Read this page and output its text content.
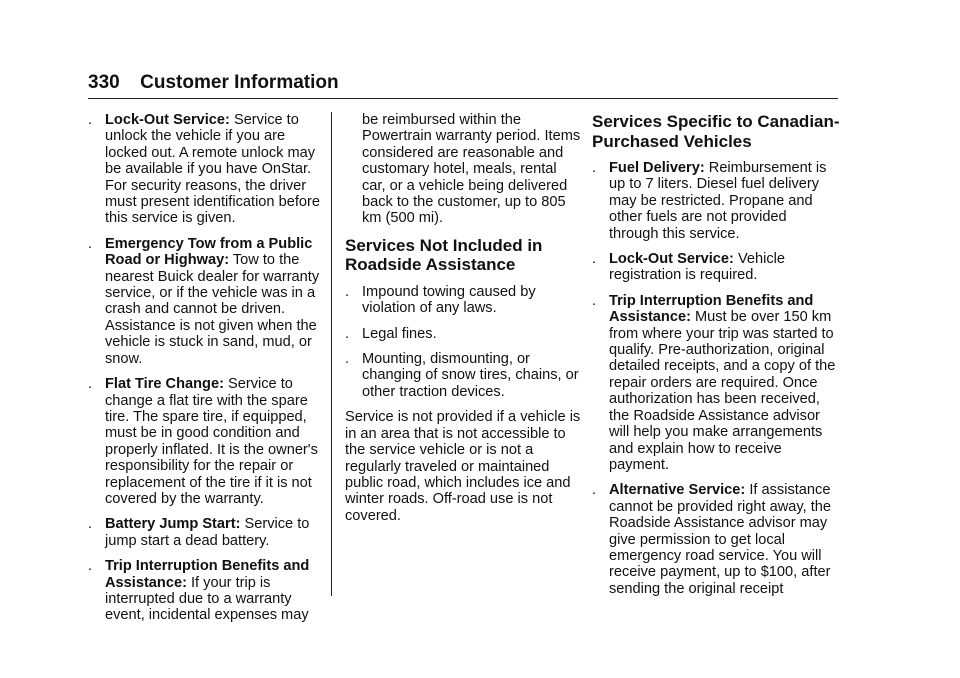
330 Customer Information
. Lock-Out Service: Service to unlock the vehicle if you are locked out. A remote unlock may be available if you have OnStar. For security reasons, the driver must present identification before this service is given.
. Emergency Tow from a Public Road or Highway: Tow to the nearest Buick dealer for warranty service, or if the vehicle was in a crash and cannot be driven. Assistance is not given when the vehicle is stuck in sand, mud, or snow.
. Flat Tire Change: Service to change a flat tire with the spare tire. The spare tire, if equipped, must be in good condition and properly inflated. It is the owner's responsibility for the repair or replacement of the tire if it is not covered by the warranty.
. Battery Jump Start: Service to jump start a dead battery.
. Trip Interruption Benefits and Assistance: If your trip is interrupted due to a warranty event, incidental expenses may
be reimbursed within the Powertrain warranty period. Items considered are reasonable and customary hotel, meals, rental car, or a vehicle being delivered back to the customer, up to 805 km (500 mi).
Services Not Included in Roadside Assistance
. Impound towing caused by violation of any laws.
. Legal fines.
. Mounting, dismounting, or changing of snow tires, chains, or other traction devices.
Service is not provided if a vehicle is in an area that is not accessible to the service vehicle or is not a regularly traveled or maintained public road, which includes ice and winter roads. Off-road use is not covered.
Services Specific to Canadian-Purchased Vehicles
. Fuel Delivery: Reimbursement is up to 7 liters. Diesel fuel delivery may be restricted. Propane and other fuels are not provided through this service.
. Lock-Out Service: Vehicle registration is required.
. Trip Interruption Benefits and Assistance: Must be over 150 km from where your trip was started to qualify. Pre-authorization, original detailed receipts, and a copy of the repair orders are required. Once authorization has been received, the Roadside Assistance advisor will help you make arrangements and explain how to receive payment.
. Alternative Service: If assistance cannot be provided right away, the Roadside Assistance advisor may give permission to get local emergency road service. You will receive payment, up to $100, after sending the original receipt
